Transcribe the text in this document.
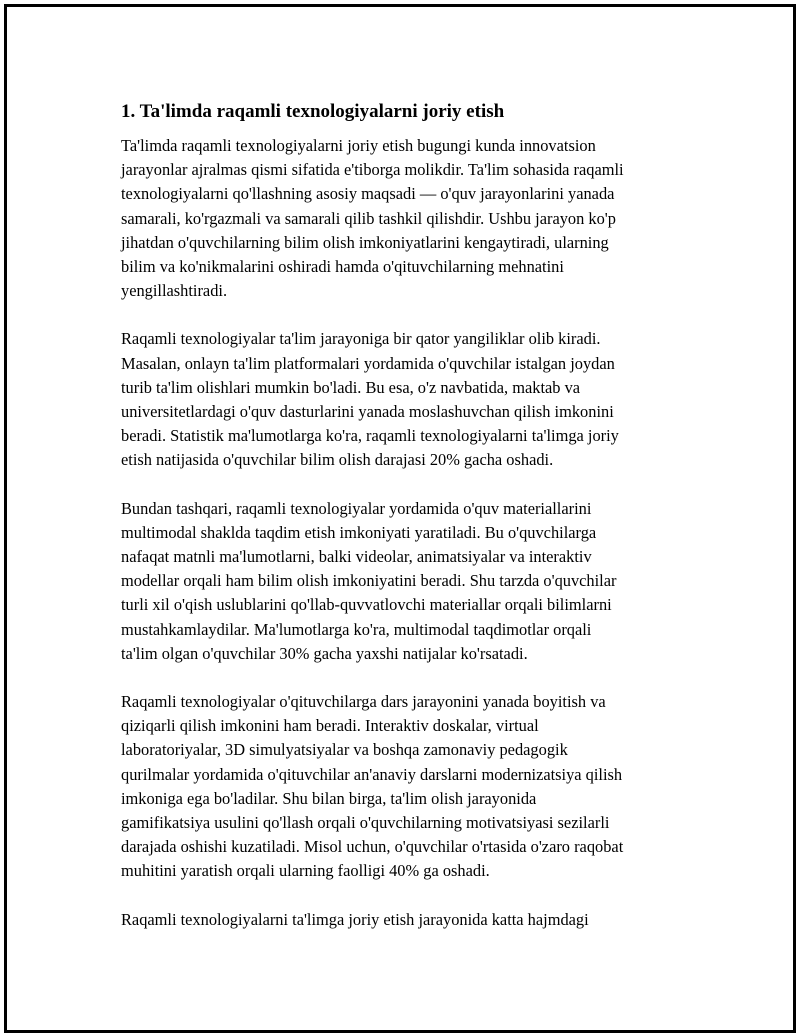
1. Ta'limda raqamli texnologiyalarni joriy etish

Ta'limda raqamli texnologiyalarni joriy etish bugungi kunda innovatsion
jarayonlar ajralmas qismi sifatida e'tiborga molikdir. Ta'lim sohasida raqamli
texnologiyalarni qo'llashning asosiy maqsadi — o'quv jarayonlarini yanada
samarali, ko'rgazmali va samarali qilib tashkil qilishdir. Ushbu jarayon ko'p
jihatdan o'quvchilarning bilim olish imkoniyatlarini kengaytiradi, ularning
bilim va ko'nikmalarini oshiradi hamda o'qituvchilarning mehnatini
yengillashtiradi.

Raqamli texnologiyalar ta'lim jarayoniga bir qator yangiliklar olib kiradi.
Masalan, onlayn ta'lim platformalari yordamida o'quvchilar istalgan joydan
turib ta'lim olishlari mumkin bo'ladi. Bu esa, o'z navbatida, maktab va
universitetlardagi o'quv dasturlarini yanada moslashuvchan qilish imkonini
beradi. Statistik ma'lumotlarga ko'ra, raqamli texnologiyalarni ta'limga joriy
etish natijasida o'quvchilar bilim olish darajasi 20% gacha oshadi.

Bundan tashqari, raqamli texnologiyalar yordamida o'quv materiallarini
multimodal shaklda taqdim etish imkoniyati yaratiladi. Bu o'quvchilarga
nafaqat matnli ma'lumotlarni, balki videolar, animatsiyalar va interaktiv
modellar orqali ham bilim olish imkoniyatini beradi. Shu tarzda o'quvchilar
turli xil o'qish uslublarini qo'llab-quvvatlovchi materiallar orqali bilimlarni
mustahkamlaydilar. Ma'lumotlarga ko'ra, multimodal taqdimotlar orqali
ta'lim olgan o'quvchilar 30% gacha yaxshi natijalar ko'rsatadi.

Raqamli texnologiyalar o'qituvchilarga dars jarayonini yanada boyitish va
qiziqarli qilish imkonini ham beradi. Interaktiv doskalar, virtual
laboratoriyalar, 3D simulyatsiyalar va boshqa zamonaviy pedagogik
qurilmalar yordamida o'qituvchilar an'anaviy darslarni modernizatsiya qilish
imkoniga ega bo'ladilar. Shu bilan birga, ta'lim olish jarayonida
gamifikatsiya usulini qo'llash orqali o'quvchilarning motivatsiyasi sezilarli
darajada oshishi kuzatiladi. Misol uchun, o'quvchilar o'rtasida o'zaro raqobat
muhitini yaratish orqali ularning faolligi 40% ga oshadi.

Raqamli texnologiyalarni ta'limga joriy etish jarayonida katta hajmdagi
